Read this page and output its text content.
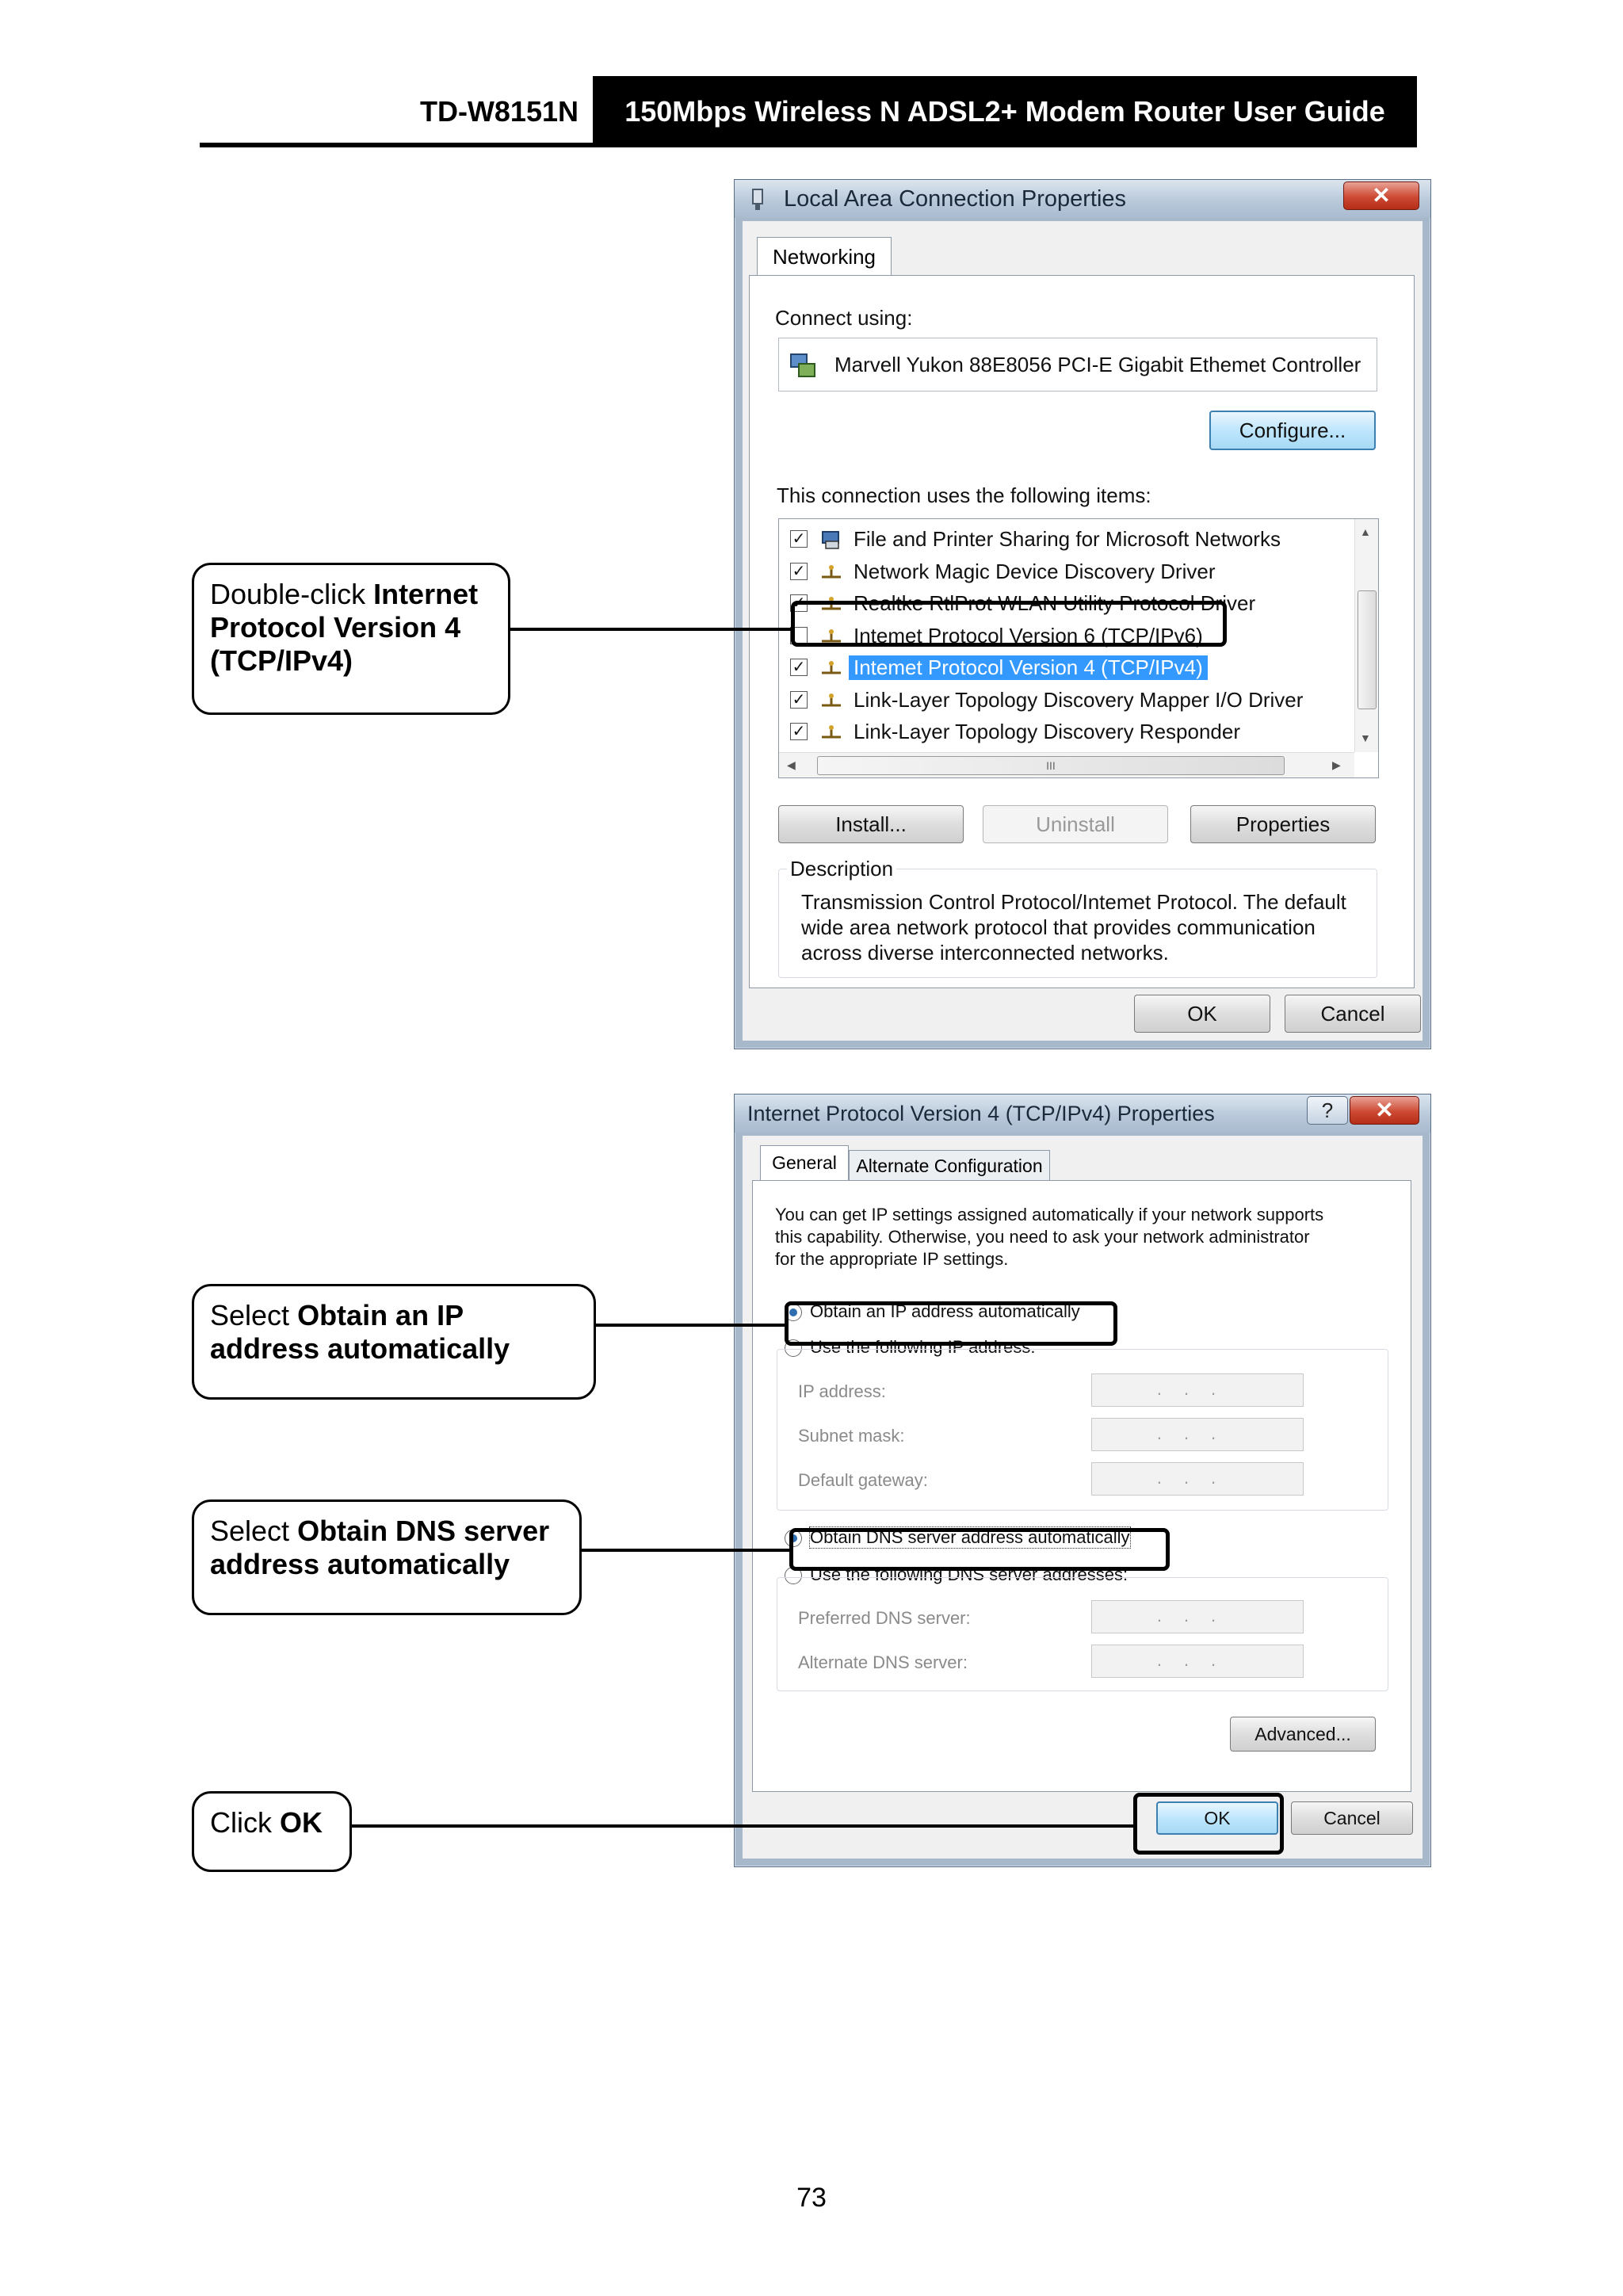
TD-W8151N	150Mbps Wireless N ADSL2+ Modem Router User Guide
Local Area Connection Properties	✕
Networking
Connect using:
Marvell Yukon 88E8056 PCI-E Gigabit Ethemet Controller
Configure...
This connection uses the following items:
✓ File and Printer Sharing for Microsoft Networks
✓ Network Magic Device Discovery Driver
✓ Realtke RtlProt WLAN Utility Protocol Driver
Intemet Protocol Version 6 (TCP/IPv6)
✓ Intemet Protocol Version 4 (TCP/IPv4)
✓ Link-Layer Topology Discovery Mapper I/O Driver
✓ Link-Layer Topology Discovery Responder
▲
▼
◀	III	▶
Install...	Uninstall	Properties
Description
Transmission Control Protocol/Intemet Protocol. The default
wide area network protocol that provides communication
across diverse interconnected networks.
OK	Cancel
Internet Protocol Version 4 (TCP/IPv4) Properties	?	✕
General	Alternate Configuration
You can get IP settings assigned automatically if your network supports
this capability. Otherwise, you need to ask your network administrator
for the appropriate IP settings.
Obtain an IP address automatically
Use the following IP address:
IP address:	...
Subnet mask:	...
Default gateway:	...
Obtain DNS server address automatically
Use the following DNS server addresses:
Preferred DNS server:	...
Alternate DNS server:	...
Advanced...
OK	Cancel
Double-click Internet Protocol Version 4 (TCP/IPv4)
Select Obtain an IP address automatically
Select Obtain DNS server address automatically
Click OK
73
